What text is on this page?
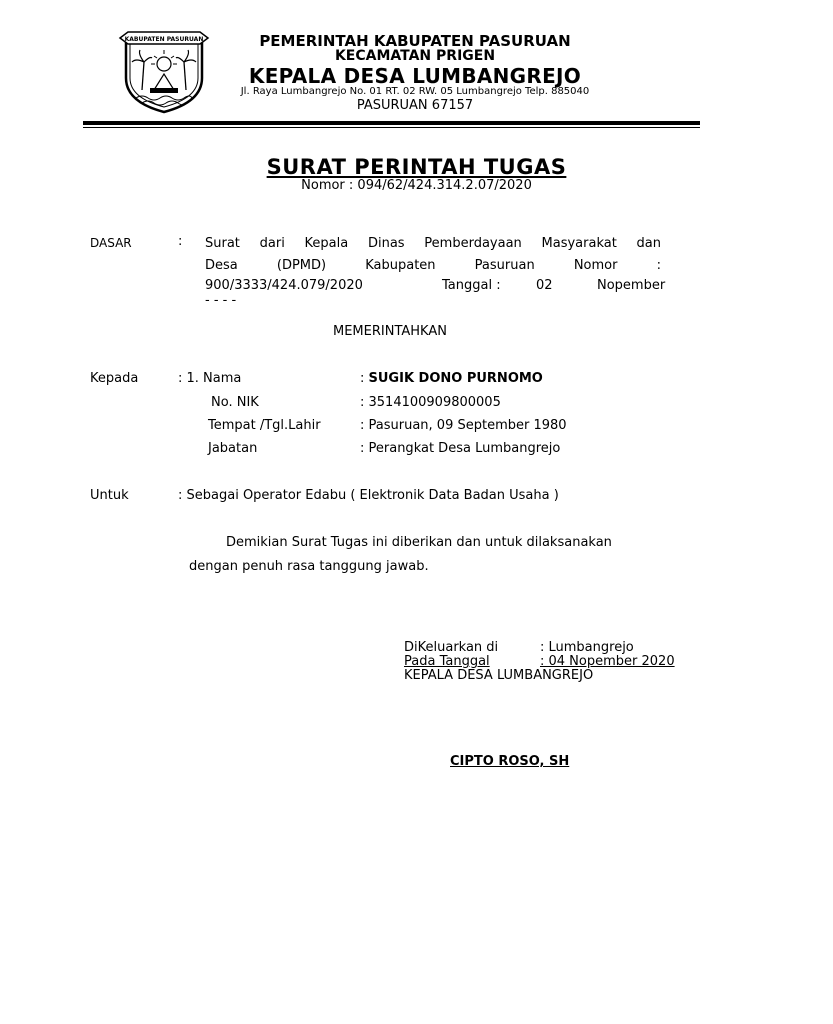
KABUPATEN PASURUAN	PEMERINTAH KABUPATEN PASURUAN
KECAMATAN PRIGEN
KEPALA DESA LUMBANGREJO
Jl. Raya Lumbangrejo No. 01 RT. 02 RW. 05 Lumbangrejo Telp. 885040
PASURUAN 67157
SURAT PERINTAH TUGAS
Nomor : 094/62/424.314.2.07/2020
DASAR	: Surat dari Kepala Dinas Pemberdayaan Masyarakat dan
Desa	(DPMD)	Kabupaten	Pasuruan	Nomor	:
900/3333/424.079/2020	Tanggal :	02	Nopember
- - - -
MEMERINTAHKAN
Kepada	: 1. Nama	: SUGIK DONO PURNOMO
No. NIK	: 3514100909800005
Tempat /Tgl.Lahir	: Pasuruan, 09 September 1980
Jabatan	: Perangkat Desa Lumbangrejo
Untuk	: Sebagai Operator Edabu ( Elektronik Data Badan Usaha )
Demikian Surat Tugas ini diberikan dan untuk dilaksanakan
dengan penuh rasa tanggung jawab.
DiKeluarkan di	: Lumbangrejo
Pada Tanggal	: 04 Nopember 2020
KEPALA DESA LUMBANGREJO
CIPTO ROSO, SH
